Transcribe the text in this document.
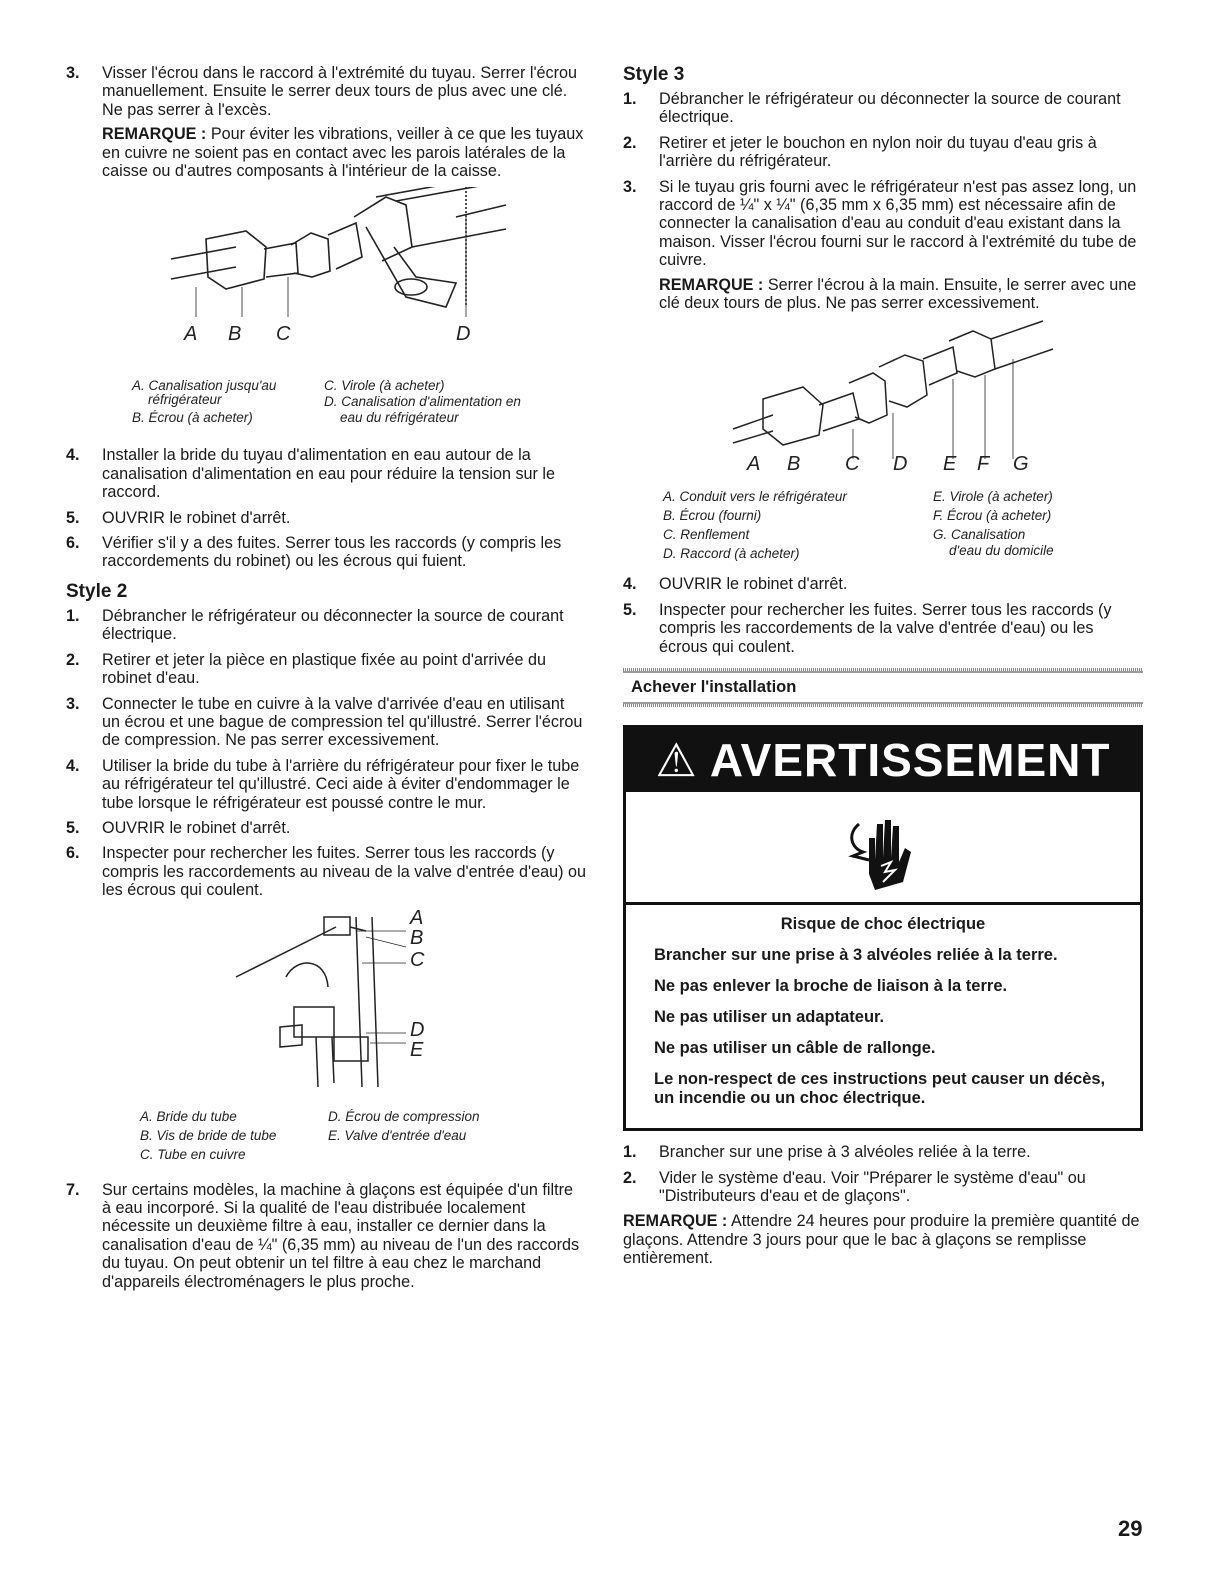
3. Visser l'écrou dans le raccord à l'extrémité du tuyau. Serrer l'écrou manuellement. Ensuite le serrer deux tours de plus avec une clé. Ne pas serrer à l'excès.
REMARQUE : Pour éviter les vibrations, veiller à ce que les tuyaux en cuivre ne soient pas en contact avec les parois latérales de la caisse ou d'autres composants à l'intérieur de la caisse.
A B C	D
A. Canalisation jusqu'au
réfrigérateur
B. Écrou (à acheter)
C. Virole (à acheter)
D. Canalisation d'alimentation en
eau du réfrigérateur
4. Installer la bride du tuyau d'alimentation en eau autour de la canalisation d'alimentation en eau pour réduire la tension sur le raccord.
5. OUVRIR le robinet d'arrêt.
6. Vérifier s'il y a des fuites. Serrer tous les raccords (y compris les raccordements du robinet) ou les écrous qui fuient.
Style 2
1. Débrancher le réfrigérateur ou déconnecter la source de courant électrique.
2. Retirer et jeter la pièce en plastique fixée au point d'arrivée du robinet d'eau.
3. Connecter le tube en cuivre à la valve d'arrivée d'eau en utilisant un écrou et une bague de compression tel qu'illustré. Serrer l'écrou de compression. Ne pas serrer excessivement.
4. Utiliser la bride du tube à l'arrière du réfrigérateur pour fixer le tube au réfrigérateur tel qu'illustré. Ceci aide à éviter d'endommager le tube lorsque le réfrigérateur est poussé contre le mur.
5. OUVRIR le robinet d'arrêt.
6. Inspecter pour rechercher les fuites. Serrer tous les raccords (y compris les raccordements au niveau de la valve d'entrée d'eau) ou les écrous qui coulent.
A
B
C
D
E
A. Bride du tube
B. Vis de bride de tube
C. Tube en cuivre
D. Écrou de compression
E. Valve d'entrée d'eau
7. Sur certains modèles, la machine à glaçons est équipée d'un filtre à eau incorporé. Si la qualité de l'eau distribuée localement nécessite un deuxième filtre à eau, installer ce dernier dans la canalisation d'eau de ¼" (6,35 mm) au niveau de l'un des raccords du tuyau. On peut obtenir un tel filtre à eau chez le marchand d'appareils électroménagers le plus proche.
Style 3
1. Débrancher le réfrigérateur ou déconnecter la source de courant électrique.
2. Retirer et jeter le bouchon en nylon noir du tuyau d'eau gris à l'arrière du réfrigérateur.
3. Si le tuyau gris fourni avec le réfrigérateur n'est pas assez long, un raccord de ¼" x ¼" (6,35 mm x 6,35 mm) est nécessaire afin de connecter la canalisation d'eau au conduit d'eau existant dans la maison. Visser l'écrou fourni sur le raccord à l'extrémité du tube de cuivre.
REMARQUE : Serrer l'écrou à la main. Ensuite, le serrer avec une clé deux tours de plus. Ne pas serrer excessivement.
A B C D E F G
A. Conduit vers le réfrigérateur
B. Écrou (fourni)
C. Renflement
D. Raccord (à acheter)
E. Virole (à acheter)
F. Écrou (à acheter)
G. Canalisation
d'eau du domicile
4. OUVRIR le robinet d'arrêt.
5. Inspecter pour rechercher les fuites. Serrer tous les raccords (y compris les raccordements de la valve d'entrée d'eau) ou les écrous qui coulent.
Achever l'installation
⚠ AVERTISSEMENT

Risque de choc électrique

Brancher sur une prise à 3 alvéoles reliée à la terre.

Ne pas enlever la broche de liaison à la terre.

Ne pas utiliser un adaptateur.

Ne pas utiliser un câble de rallonge.

Le non-respect de ces instructions peut causer un décès, un incendie ou un choc électrique.

1. Brancher sur une prise à 3 alvéoles reliée à la terre.
2. Vider le système d'eau. Voir "Préparer le système d'eau" ou "Distributeurs d'eau et de glaçons".
REMARQUE : Attendre 24 heures pour produire la première quantité de glaçons. Attendre 3 jours pour que le bac à glaçons se remplisse entièrement.
29
